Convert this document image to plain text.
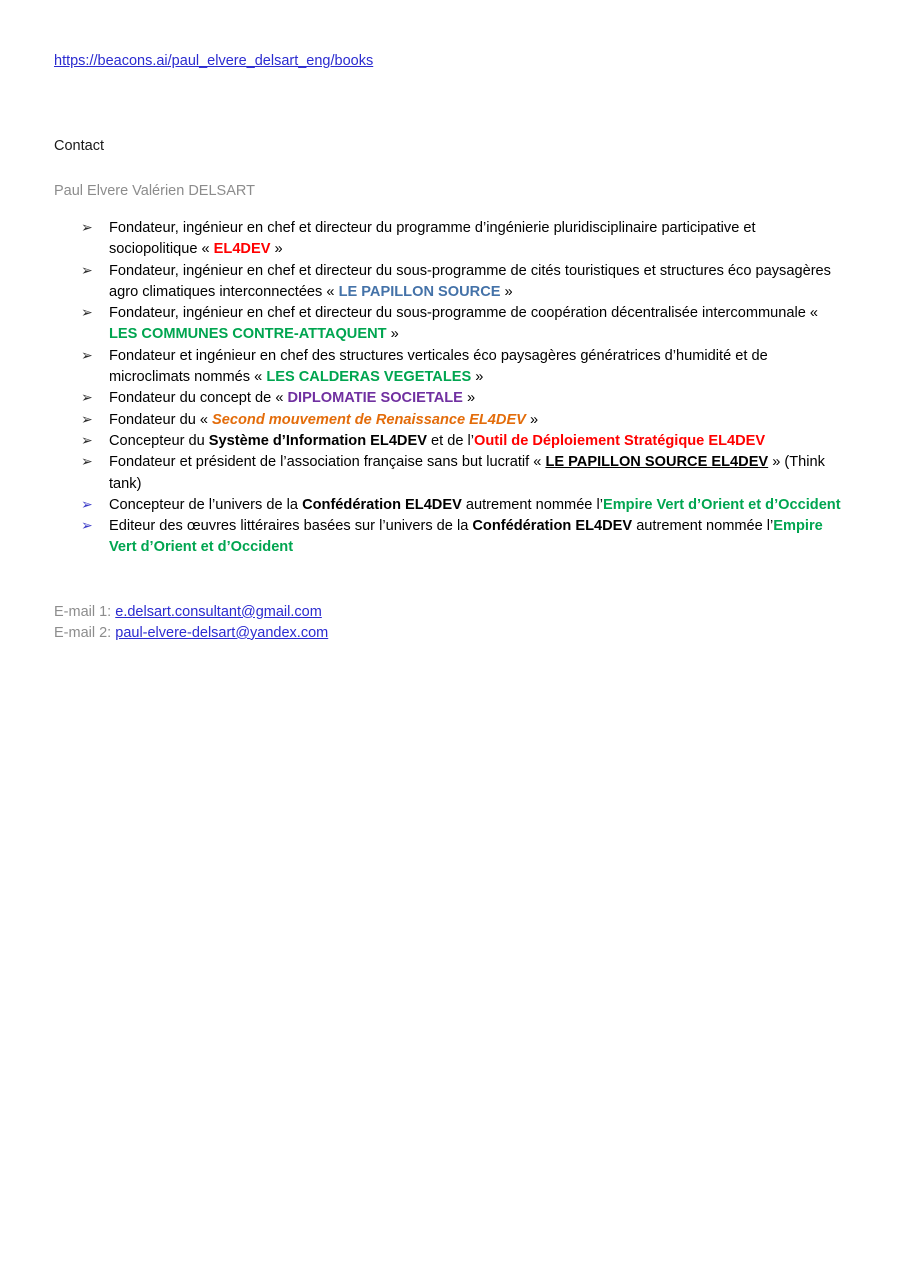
https://beacons.ai/paul_elvere_delsart_eng/books

Contact
Paul Elvere Valérien DELSART
➢ Fondateur, ingénieur en chef et directeur du programme d’ingénierie pluridisciplinaire participative et sociopolitique « EL4DEV »
➢ Fondateur, ingénieur en chef et directeur du sous-programme de cités touristiques et structures éco paysagères agro climatiques interconnectées « LE PAPILLON SOURCE »
➢ Fondateur, ingénieur en chef et directeur du sous-programme de coopération décentralisée intercommunale « LES COMMUNES CONTRE-ATTAQUENT »
➢ Fondateur et ingénieur en chef des structures verticales éco paysagères génératrices d’humidité et de microclimats nommés « LES CALDERAS VEGETALES »
➢ Fondateur du concept de « DIPLOMATIE SOCIETALE »
➢ Fondateur du « Second mouvement de Renaissance EL4DEV »
➢ Concepteur du Système d’Information EL4DEV et de l’Outil de Déploiement Stratégique EL4DEV
➢ Fondateur et président de l’association française sans but lucratif « LE PAPILLON SOURCE EL4DEV » (Think tank)
➢ Concepteur de l’univers de la Confédération EL4DEV autrement nommée l’Empire Vert d’Orient et d’Occident
➢ Editeur des œuvres littéraires basées sur l’univers de la Confédération EL4DEV autrement nommée l’Empire Vert d’Orient et d’Occident
E-mail 1: e.delsart.consultant@gmail.com
E-mail 2: paul-elvere-delsart@yandex.com
